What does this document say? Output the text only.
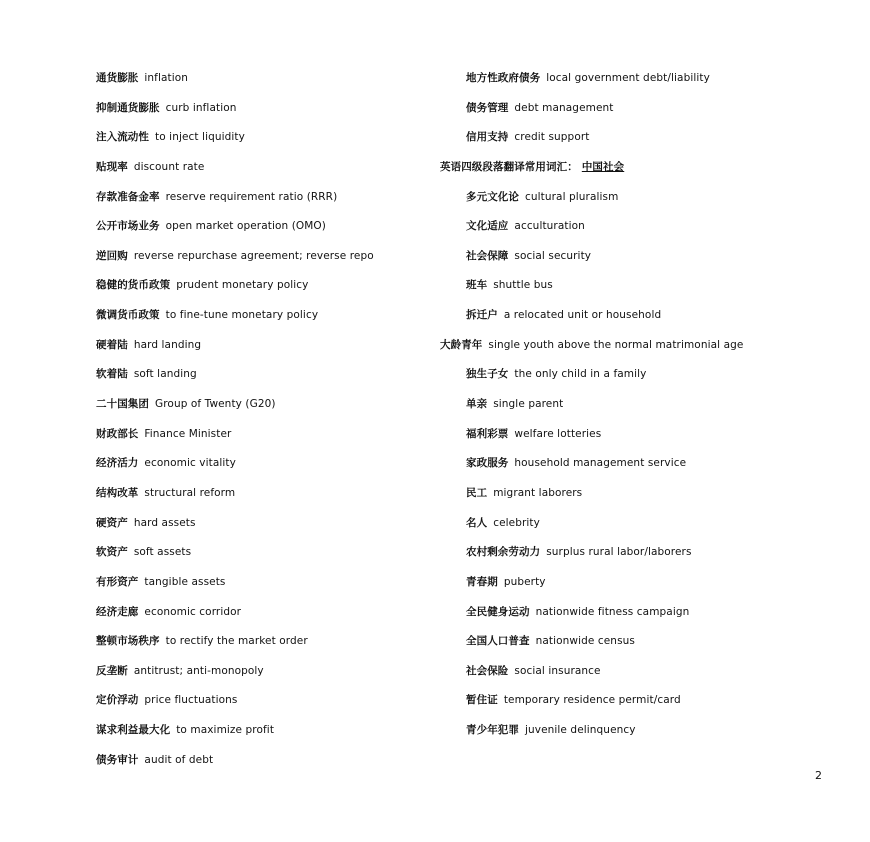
通货膨胀 inflation
抑制通货膨胀 curb inflation
注入流动性 to inject liquidity
贴现率 discount rate
存款准备金率 reserve requirement ratio (RRR)
公开市场业务 open market operation (OMO)
逆回购 reverse repurchase agreement; reverse repo
稳健的货币政策 prudent monetary policy
微调货币政策 to fine-tune monetary policy
硬着陆 hard landing
软着陆 soft landing
二十国集团 Group of Twenty (G20)
财政部长 Finance Minister
经济活力 economic vitality
结构改革 structural reform
硬资产 hard assets
软资产 soft assets
有形资产 tangible assets
经济走廊 economic corridor
整顿市场秩序 to rectify the market order
反垄断 antitrust; anti-monopoly
定价浮动 price fluctuations
谋求利益最大化 to maximize profit
债务审计 audit of debt
地方性政府债务 local government debt/liability
债务管理 debt management
信用支持 credit support
英语四级段落翻译常用词汇： 中国社会
多元文化论 cultural pluralism
文化适应 acculturation
社会保障 social security
班车 shuttle bus
拆迁户 a relocated unit or household
大龄青年 single youth above the normal matrimonial age
独生子女 the only child in a family
单亲 single parent
福利彩票 welfare lotteries
家政服务 household management service
民工 migrant laborers
名人 celebrity
农村剩余劳动力 surplus rural labor/laborers
青春期 puberty
全民健身运动 nationwide fitness campaign
全国人口普查 nationwide census
社会保险 social insurance
暂住证 temporary residence permit/card
青少年犯罪 juvenile delinquency
2
